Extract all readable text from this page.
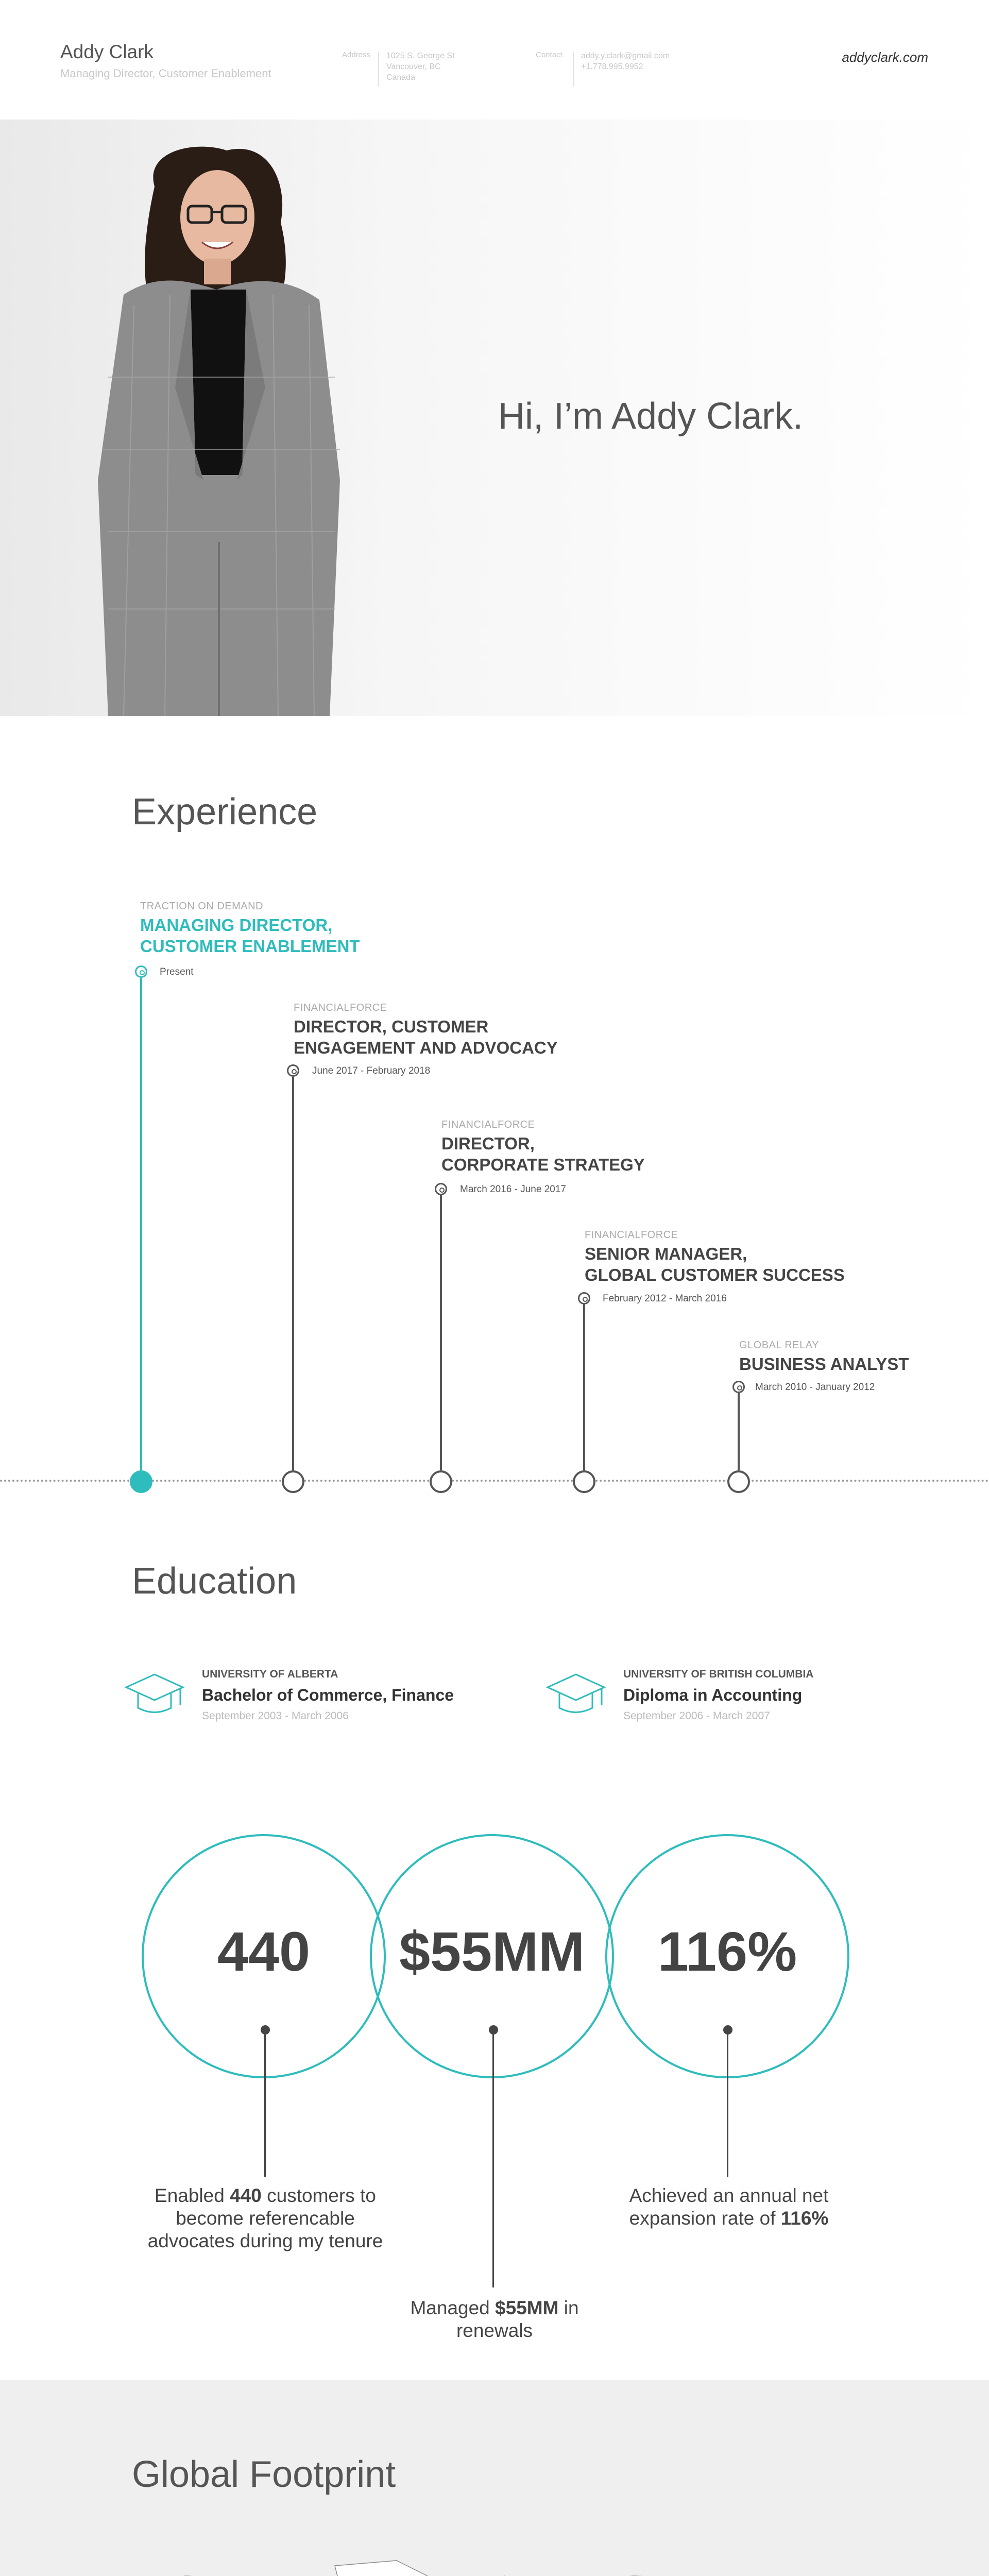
Addy Clark
Managing Director, Customer Enablement
Address 1025 S. George St
Vancouver, BC
Canada
Contact addy.y.clark@gmail.com
+1.778.995.9952
addyclark.com
Hi, I’m Addy Clark.
Experience
TRACTION ON DEMAND
MANAGING DIRECTOR,
CUSTOMER ENABLEMENT
Present
FINANCIALFORCE
DIRECTOR, CUSTOMER
ENGAGEMENT AND ADVOCACY
June 2017 - February 2018
FINANCIALFORCE
DIRECTOR,
CORPORATE STRATEGY
March 2016 - June 2017
FINANCIALFORCE
SENIOR MANAGER,
GLOBAL CUSTOMER SUCCESS
February 2012 - March 2016
GLOBAL RELAY
BUSINESS ANALYST
March 2010 - January 2012
Education
UNIVERSITY OF ALBERTA
Bachelor of Commerce, Finance
September 2003 - March 2006
UNIVERSITY OF BRITISH COLUMBIA
Diploma in Accounting
September 2006 - March 2007
440	$55MM	116%
Enabled 440 customers to become referencable advocates during my tenure
Managed $55MM in renewals
Achieved an annual net expansion rate of 116%
Global Footprint
